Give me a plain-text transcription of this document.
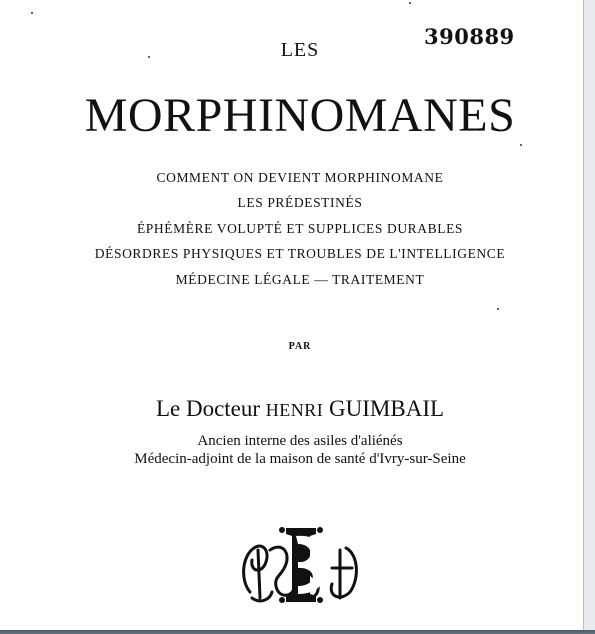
390889
LES
MORPHINOMANES
COMMENT ON DEVIENT MORPHINOMANE
LES PRÉDESTINÉS
ÉPHÉMÈRE VOLUPTÉ ET SUPPLICES DURABLES
DÉSORDRES PHYSIQUES ET TROUBLES DE L'INTELLIGENCE
MÉDECINE LÉGALE — TRAITEMENT
PAR
Le Docteur HENRI GUIMBAIL
Ancien interne des asiles d'aliénés
Médecin-adjoint de la maison de santé d'Ivry-sur-Seine
